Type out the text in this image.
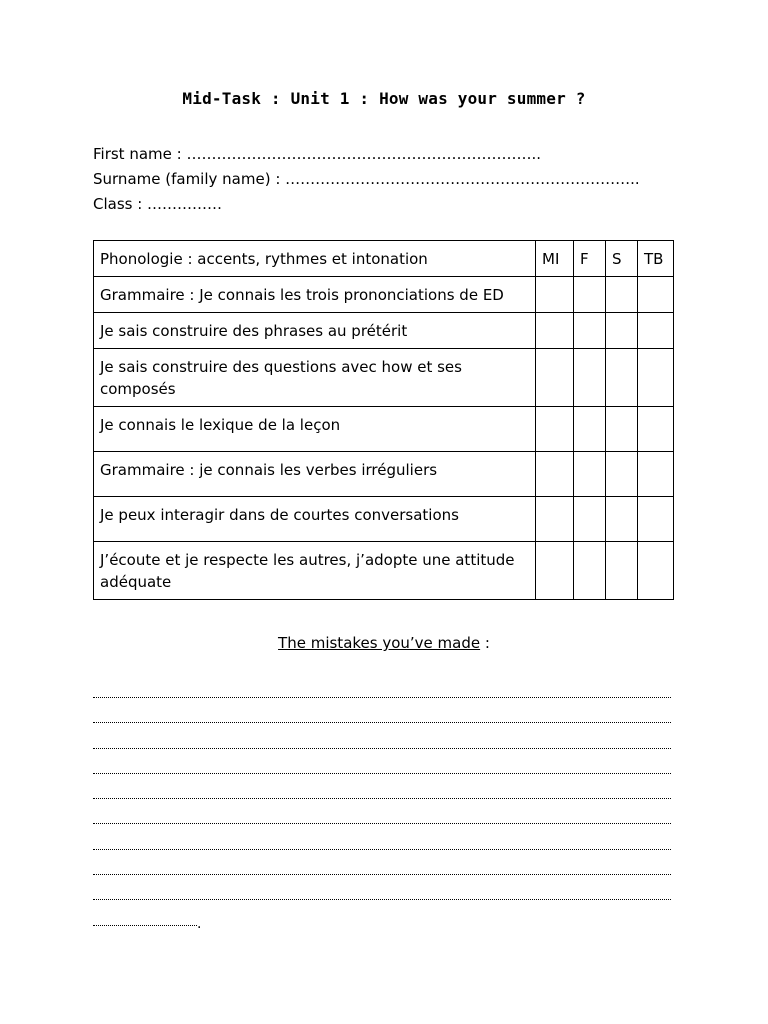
Mid-Task : Unit 1 : How was your summer ?
First name : ……………………………………………………………..
Surname (family name) : ……………………………………………………………..
Class : ……………
Phonologie : accents, rythmes et intonation	MI	F	S	TB
Grammaire : Je connais les trois prononciations de ED				
Je sais construire des phrases au prétérit				
Je sais construire des questions avec how et ses composés				
Je connais le lexique de la leçon				
Grammaire : je connais les verbes irréguliers				
Je peux interagir dans de courtes conversations				
J’écoute et je respecte les autres, j’adopte une attitude adéquate				
The mistakes you’ve made :
.
